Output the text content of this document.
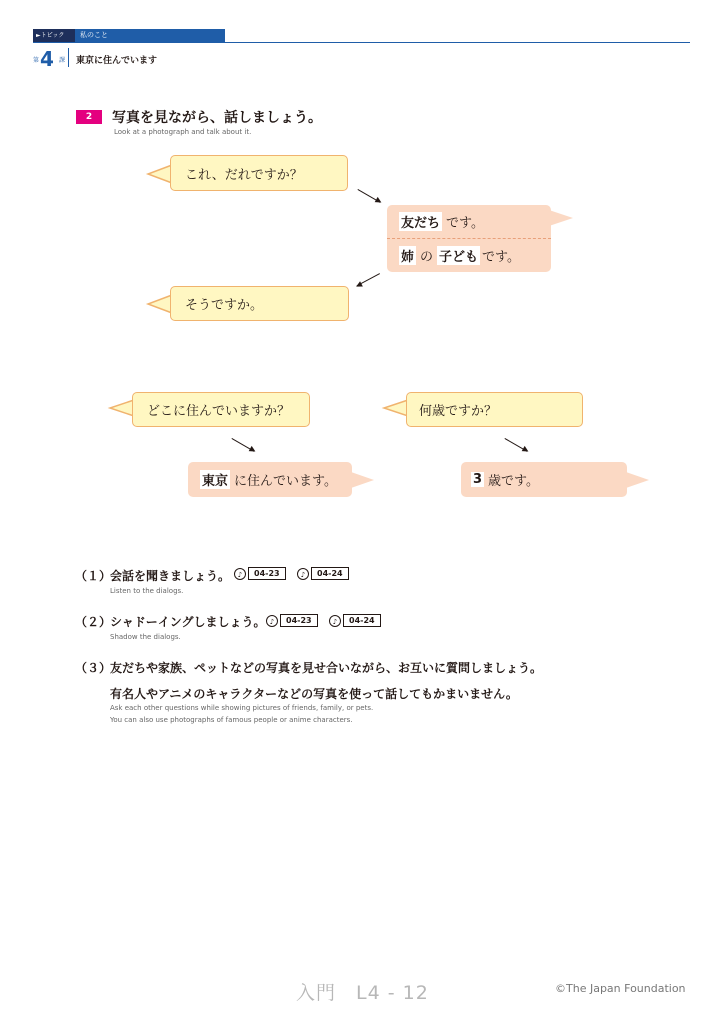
►トピック 私のこと
第 4 課 東京に住んでいます
2	写真を見ながら、話しましょう。
Look at a photograph and talk about it.
これ、だれですか？
友だち です。
姉 の 子ども です。
そうですか。
どこに住んでいますか？
東京 に住んでいます。
何歳ですか？
3 歳です。
（１）
会話を聞きましょう。	♪	04-23	♪	04-24
Listen to the dialogs.
（２）
シャドーイングしましょう。 ♪	04-23	♪	04-24
Shadow the dialogs.
（３）
友だちや家族、ペットなどの写真を見せ合いながら、お互いに質問しましょう。
有名人やアニメのキャラクターなどの写真を使って話してもかまいません。
Ask each other questions while showing pictures of friends, family, or pets.
You can also use photographs of famous people or anime characters.
入門　L4 - 12	©The Japan Foundation
